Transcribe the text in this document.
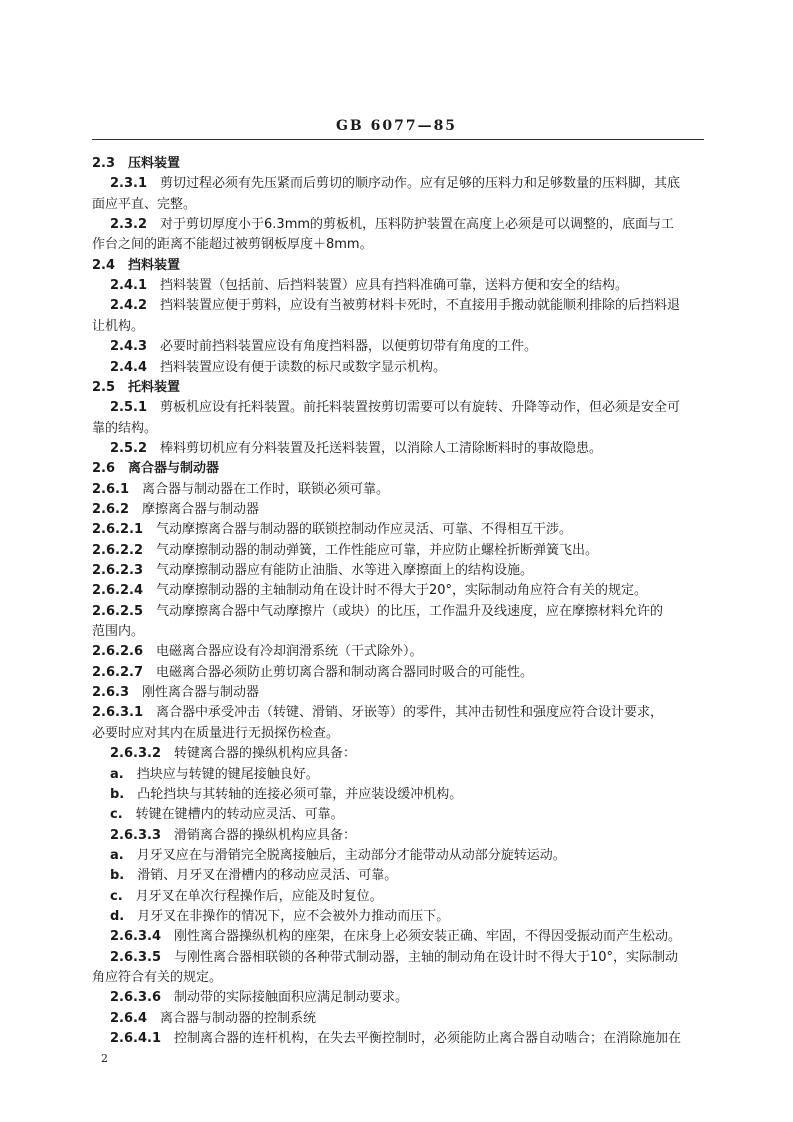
GB 6077—85
2.3  压料装置
2.3.1  剪切过程必须有先压紧而后剪切的顺序动作。应有足够的压料力和足够数量的压料脚，其底
面应平直、完整。
2.3.2  对于剪切厚度小于6.3mm的剪板机，压料防护装置在高度上必须是可以调整的，底面与工
作台之间的距离不能超过被剪钢板厚度＋8mm。
2.4  挡料装置
2.4.1  挡料装置（包括前、后挡料装置）应具有挡料准确可靠，送料方便和安全的结构。
2.4.2  挡料装置应便于剪料，应设有当被剪材料卡死时，不直接用手搬动就能顺利排除的后挡料退
让机构。
2.4.3  必要时前挡料装置应设有角度挡料器，以便剪切带有角度的工件。
2.4.4  挡料装置应设有便于读数的标尺或数字显示机构。
2.5  托料装置
2.5.1  剪板机应设有托料装置。前托料装置按剪切需要可以有旋转、升降等动作，但必须是安全可
靠的结构。
2.5.2  棒料剪切机应有分料装置及托送料装置，以消除人工清除断料时的事故隐患。
2.6  离合器与制动器
2.6.1  离合器与制动器在工作时，联锁必须可靠。
2.6.2  摩擦离合器与制动器
2.6.2.1  气动摩擦离合器与制动器的联锁控制动作应灵活、可靠、不得相互干涉。
2.6.2.2  气动摩擦制动器的制动弹簧，工作性能应可靠，并应防止螺栓折断弹簧飞出。
2.6.2.3  气动摩擦制动器应有能防止油脂、水等进入摩擦面上的结构设施。
2.6.2.4  气动摩擦制动器的主轴制动角在设计时不得大于20°，实际制动角应符合有关的规定。
2.6.2.5  气动摩擦离合器中气动摩擦片（或块）的比压，工作温升及线速度，应在摩擦材料允许的
范围内。
2.6.2.6  电磁离合器应设有冷却润滑系统（干式除外）。
2.6.2.7  电磁离合器必须防止剪切离合器和制动离合器同时吸合的可能性。
2.6.3  刚性离合器与制动器
2.6.3.1  离合器中承受冲击（转键、滑销、牙嵌等）的零件，其冲击韧性和强度应符合设计要求，
必要时应对其内在质量进行无损探伤检查。
2.6.3.2  转键离合器的操纵机构应具备：
a.  挡块应与转键的键尾接触良好。
b.  凸轮挡块与其转轴的连接必须可靠，并应装设缓冲机构。
c.  转键在键槽内的转动应灵活、可靠。
2.6.3.3  滑销离合器的操纵机构应具备：
a.  月牙叉应在与滑销完全脱离接触后，主动部分才能带动从动部分旋转运动。
b.  滑销、月牙叉在滑槽内的移动应灵活、可靠。
c.  月牙叉在单次行程操作后，应能及时复位。
d.  月牙叉在非操作的情况下，应不会被外力推动而压下。
2.6.3.4  刚性离合器操纵机构的座架，在床身上必须安装正确、牢固，不得因受振动而产生松动。
2.6.3.5  与刚性离合器相联锁的各种带式制动器，主轴的制动角在设计时不得大于10°，实际制动
角应符合有关的规定。
2.6.3.6  制动带的实际接触面积应满足制动要求。
2.6.4  离合器与制动器的控制系统
2.6.4.1  控制离合器的连杆机构，在失去平衡控制时，必须能防止离合器自动啮合；在消除施加在
2
